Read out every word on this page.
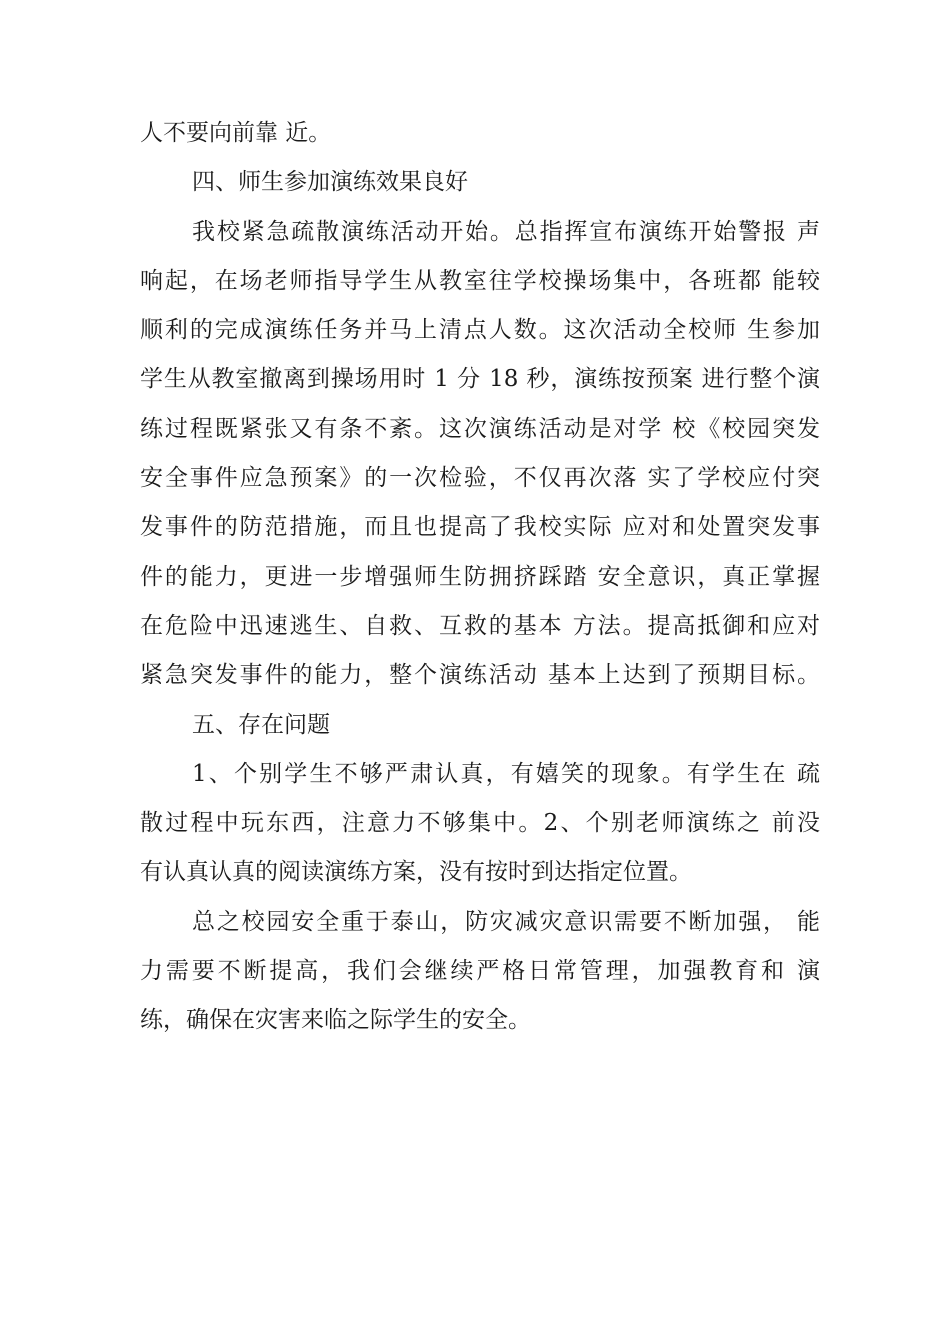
人不要向前靠 近。
四、师生参加演练效果良好
我校紧急疏散演练活动开始。总指挥宣布演练开始警报 声
响起，在场老师指导学生从教室往学校操场集中，各班都 能较
顺利的完成演练任务并马上清点人数。这次活动全校师 生参加
学生从教室撤离到操场用时 1 分 18 秒，演练按预案 进行整个演
练过程既紧张又有条不紊。这次演练活动是对学 校《校园突发
安全事件应急预案》的一次检验，不仅再次落 实了学校应付突
发事件的防范措施，而且也提高了我校实际 应对和处置突发事
件的能力，更进一步增强师生防拥挤踩踏 安全意识，真正掌握
在危险中迅速逃生、自救、互救的基本 方法。提高抵御和应对
紧急突发事件的能力，整个演练活动 基本上达到了预期目标。
五、存在问题
1、个别学生不够严肃认真，有嬉笑的现象。有学生在 疏
散过程中玩东西，注意力不够集中。2、个别老师演练之 前没
有认真认真的阅读演练方案，没有按时到达指定位置。
总之校园安全重于泰山，防灾减灾意识需要不断加强， 能
力需要不断提高，我们会继续严格日常管理，加强教育和 演
练，确保在灾害来临之际学生的安全。
